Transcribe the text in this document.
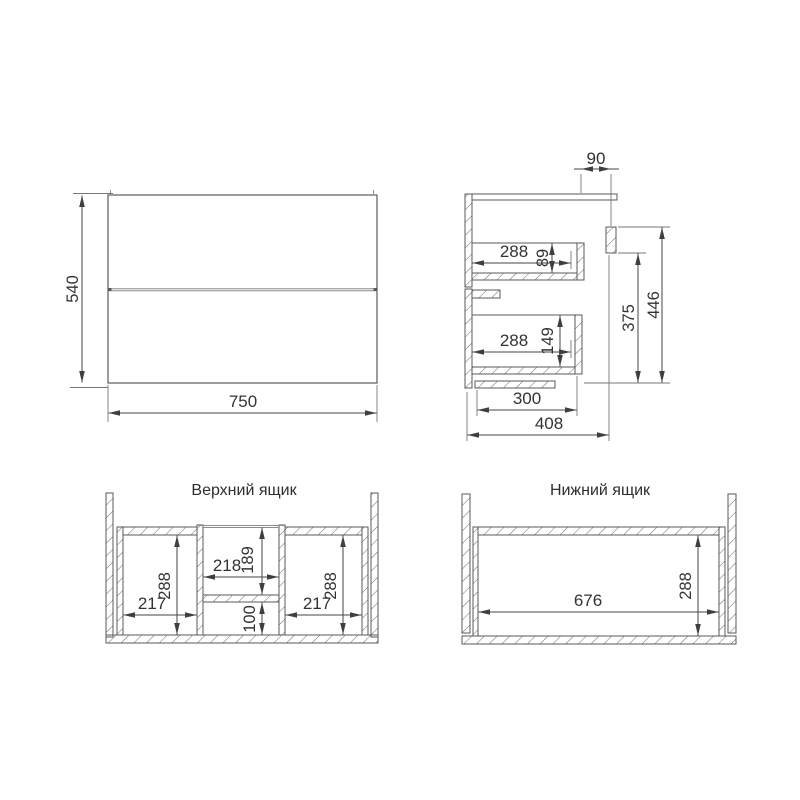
540
750
90
288 89
288 149
375 446
300
408
Верхний ящик
288
217
218
189
100
288
217
Нижний ящик
676
288
